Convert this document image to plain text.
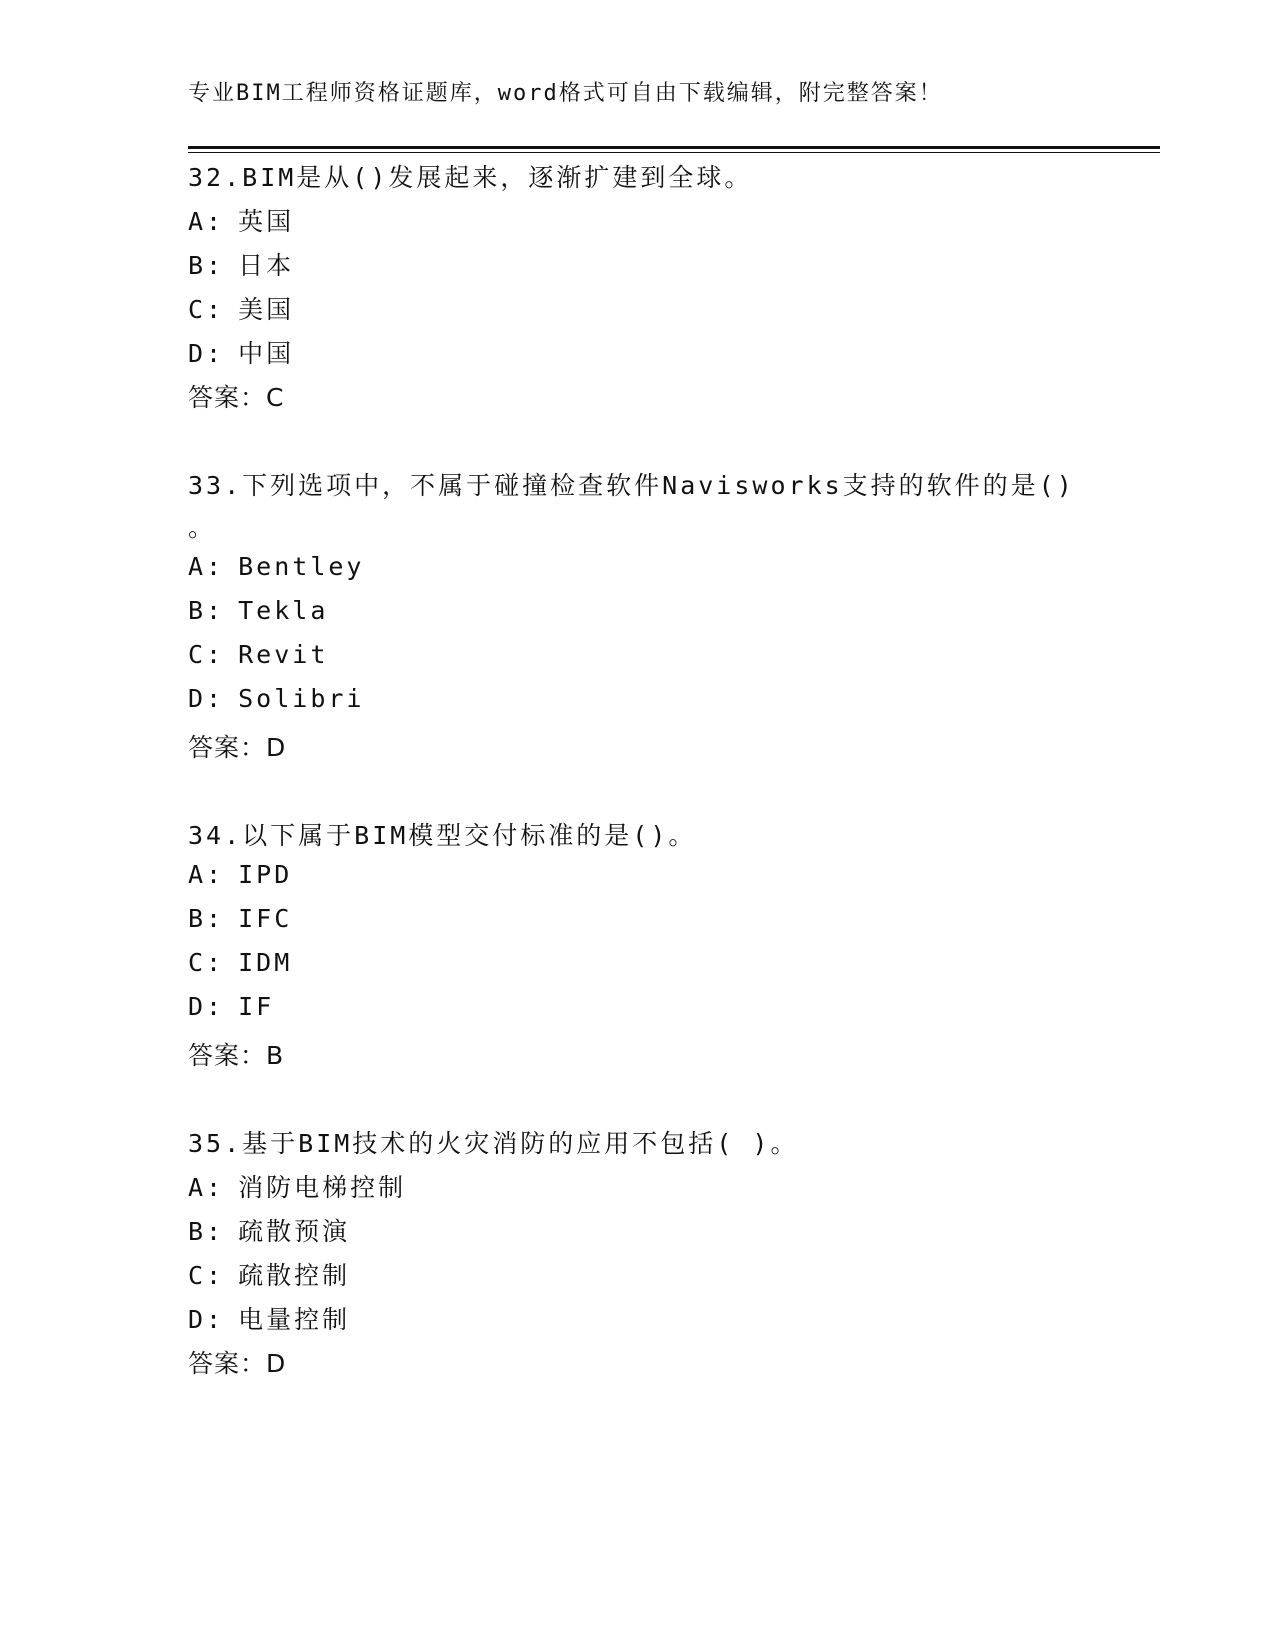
专业BIM工程师资格证题库，word格式可自由下载编辑，附完整答案！
32.BIM是从()发展起来，逐渐扩建到全球。
A: 英国
B: 日本
C: 美国
D: 中国
答案：C
33.下列选项中，不属于碰撞检查软件Navisworks支持的软件的是()
。
A: Bentley
B: Tekla
C: Revit
D: Solibri
答案：D
34.以下属于BIM模型交付标准的是()。
A: IPD
B: IFC
C: IDM
D: IF
答案：B
35.基于BIM技术的火灾消防的应用不包括( )。
A: 消防电梯控制
B: 疏散预演
C: 疏散控制
D: 电量控制
答案：D
